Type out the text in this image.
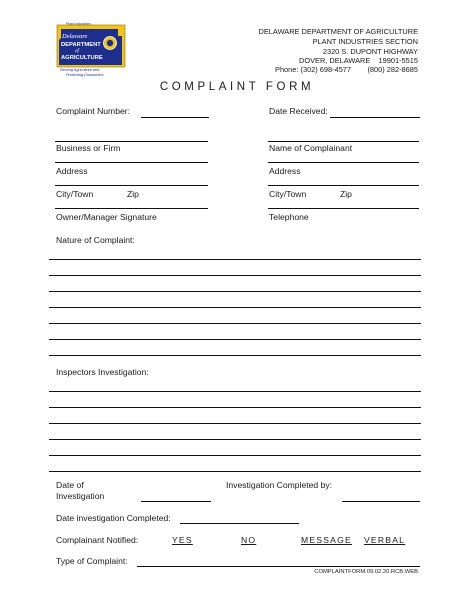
Plant Industries
Delaware
DEPARTMENT
of
AGRICULTURE
Serving Agriculture and
Protecting Consumers
DELAWARE DEPARTMENT OF AGRICULTURE
PLANT INDUSTRIES SECTION
2320 S. DUPONT HIGHWAY
DOVER, DELAWARE    19901-5515
Phone: (302) 698-4577        (800) 282-8685
COMPLAINT FORM
Complaint Number:	Date Received:
Business or Firm	Name of Complainant
Address	Address
City/Town	Zip	City/Town	Zip
Owner/Manager Signature	Telephone
Nature of Complaint:
Inspectors Investigation:
Date of
Investigation
Investigation Completed by:
Date investigation Completed:
Complainant Notified:	YES	NO	MESSAGE VERBAL
Type of Complaint:
COMPLAINTFORM.09.02.20.RCB.WEB
